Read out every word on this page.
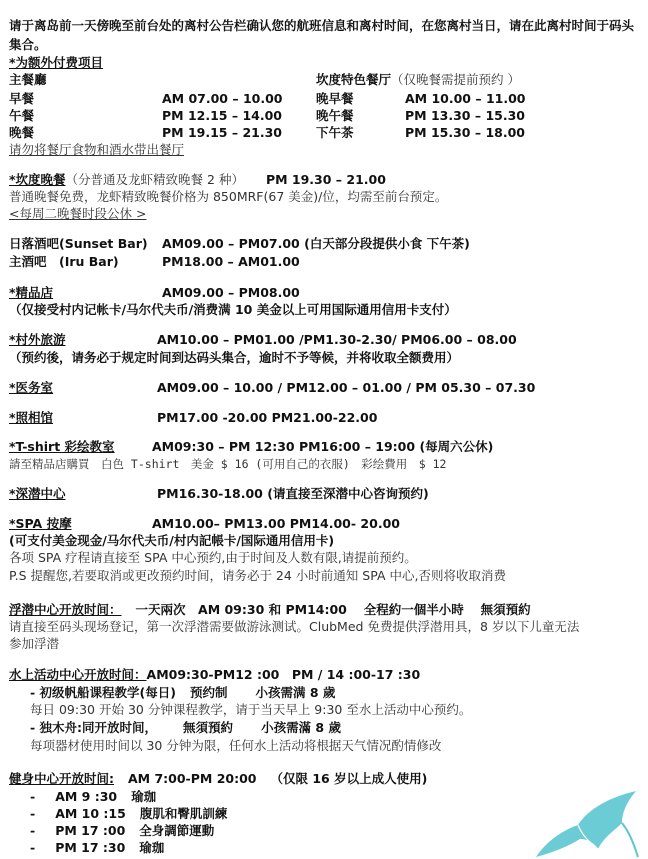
请于离岛前一天傍晚至前台处的离村公告栏确认您的航班信息和离村时间，在您离村当日，请在此离村时间于码头集合。
*为额外付费项目
主餐廳
早餐	AM 07.00 – 10.00
午餐	PM 12.15 – 14.00
晚餐	PM 19.15 – 21.30
坎度特色餐厅（仅晚餐需提前预约 ）
晚早餐	AM 10.00 – 11.00
晚午餐	PM 13.30 – 15.30
下午茶	PM 15.30 – 18.00
请勿将餐厅食物和酒水带出餐厅
*坎度晚餐（分普通及龙虾精致晚餐 2 种） PM 19.30 – 21.00
普通晚餐免费，龙虾精致晚餐价格为 850MRF(67 美金)/位，均需至前台预定。
<每周二晚餐时段公休 >
日落酒吧(Sunset Bar) AM09.00 – PM07.00 (白天部分段提供小食 下午茶)
主酒吧　(Iru Bar)	PM18.00 – AM01.00
*精品店	AM09.00 – PM08.00
（仅接受村内记帐卡/马尔代夫币/消费满 10 美金以上可用国际通用信用卡支付）
*村外旅游	AM10.00 – PM01.00 /PM1.30-2.30/ PM06.00 – 08.00
（预约後，请务必于规定时间到达码头集合，逾时不予等候，并将收取全额费用）
*医务室	AM09.00 – 10.00 / PM12.00 – 01.00 / PM 05.30 – 07.30
*照相馆	PM17.00 -20.00 PM21.00-22.00
*T-shirt 彩绘教室	AM09:30 – PM 12:30 PM16:00 – 19:00 (每周六公休)
請至精品店購買　白色 T-shirt　美金 $ 16 (可用自己的衣服)　彩绘費用　$ 12
*深潜中心	PM16.30-18.00 (请直接至深潜中心咨询预约)
*SPA 按摩	AM10.00– PM13.00 PM14.00- 20.00
(可支付美金现金/马尔代夫币/村内記帳卡/国际通用信用卡)
各项 SPA 疗程请直接至 SPA 中心预约,由于时间及人数有限,请提前预约。
P.S 提醒您,若要取消或更改预约时间，请务必于 24 小时前通知 SPA 中心,否则将收取消费
浮潜中心开放时间： 一天兩次　AM 09:30 和 PM14:00　 全程約一個半小時　 無須預約
请直接至码头现场登记，第一次浮潜需要做游泳测试。ClubMed 免费提供浮潜用具，8 岁以下儿童无法
参加浮潜
水上活动中心开放时间：AM09:30-PM12 :00　PM / 14 :00-17 :30
- 初级帆船课程教学(每日) 预约制 小孩需满 8 歲
每日 09:30 开始 30 分钟课程教学，请于当天早上 9:30 至水上活动中心预约。
- 独木舟:同开放时间， 無須預約 小孩需滿 8 歲
每项器材使用时间以 30 分钟为限，任何水上活动将根据天气情况酌情修改
健身中心开放时间: AM 7:00-PM 20:00 （仅限 16 岁以上成人使用)
- AM 9 :30 瑜珈
- AM 10 :15 腹肌和臀肌訓練
- PM 17 :00 全身調節運動
- PM 17 :30 瑜珈
